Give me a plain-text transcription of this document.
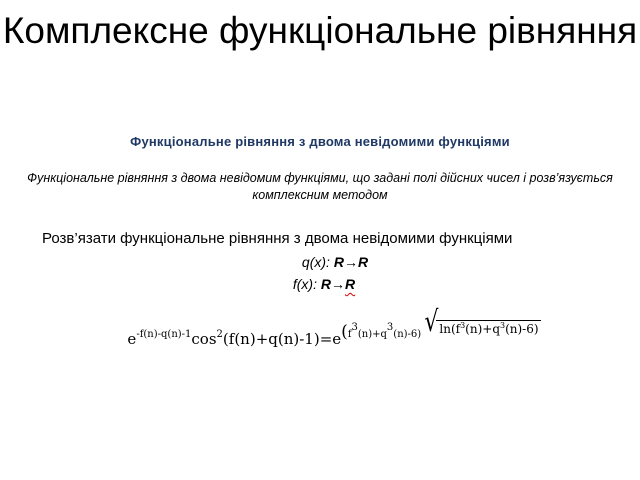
Комплексне функціональне рівняння
Функціональне рівняння з двома невідомими функціями
Функціональне рівняння з двома невідомим функціями, що задані полі дійсних чисел і розв’язується комплексним методом
Розв’язати функціональне рівняння з двома невідомими функціями
q(x): R→R
f(x): R→R
$e^{-f(n)-q(n)-1}\cos^2(f(n)+q(n)-1)=e^{(f^3(n)+q^3(n)-6) √ ln(f^3(n)+q^3(n)-6)}$
